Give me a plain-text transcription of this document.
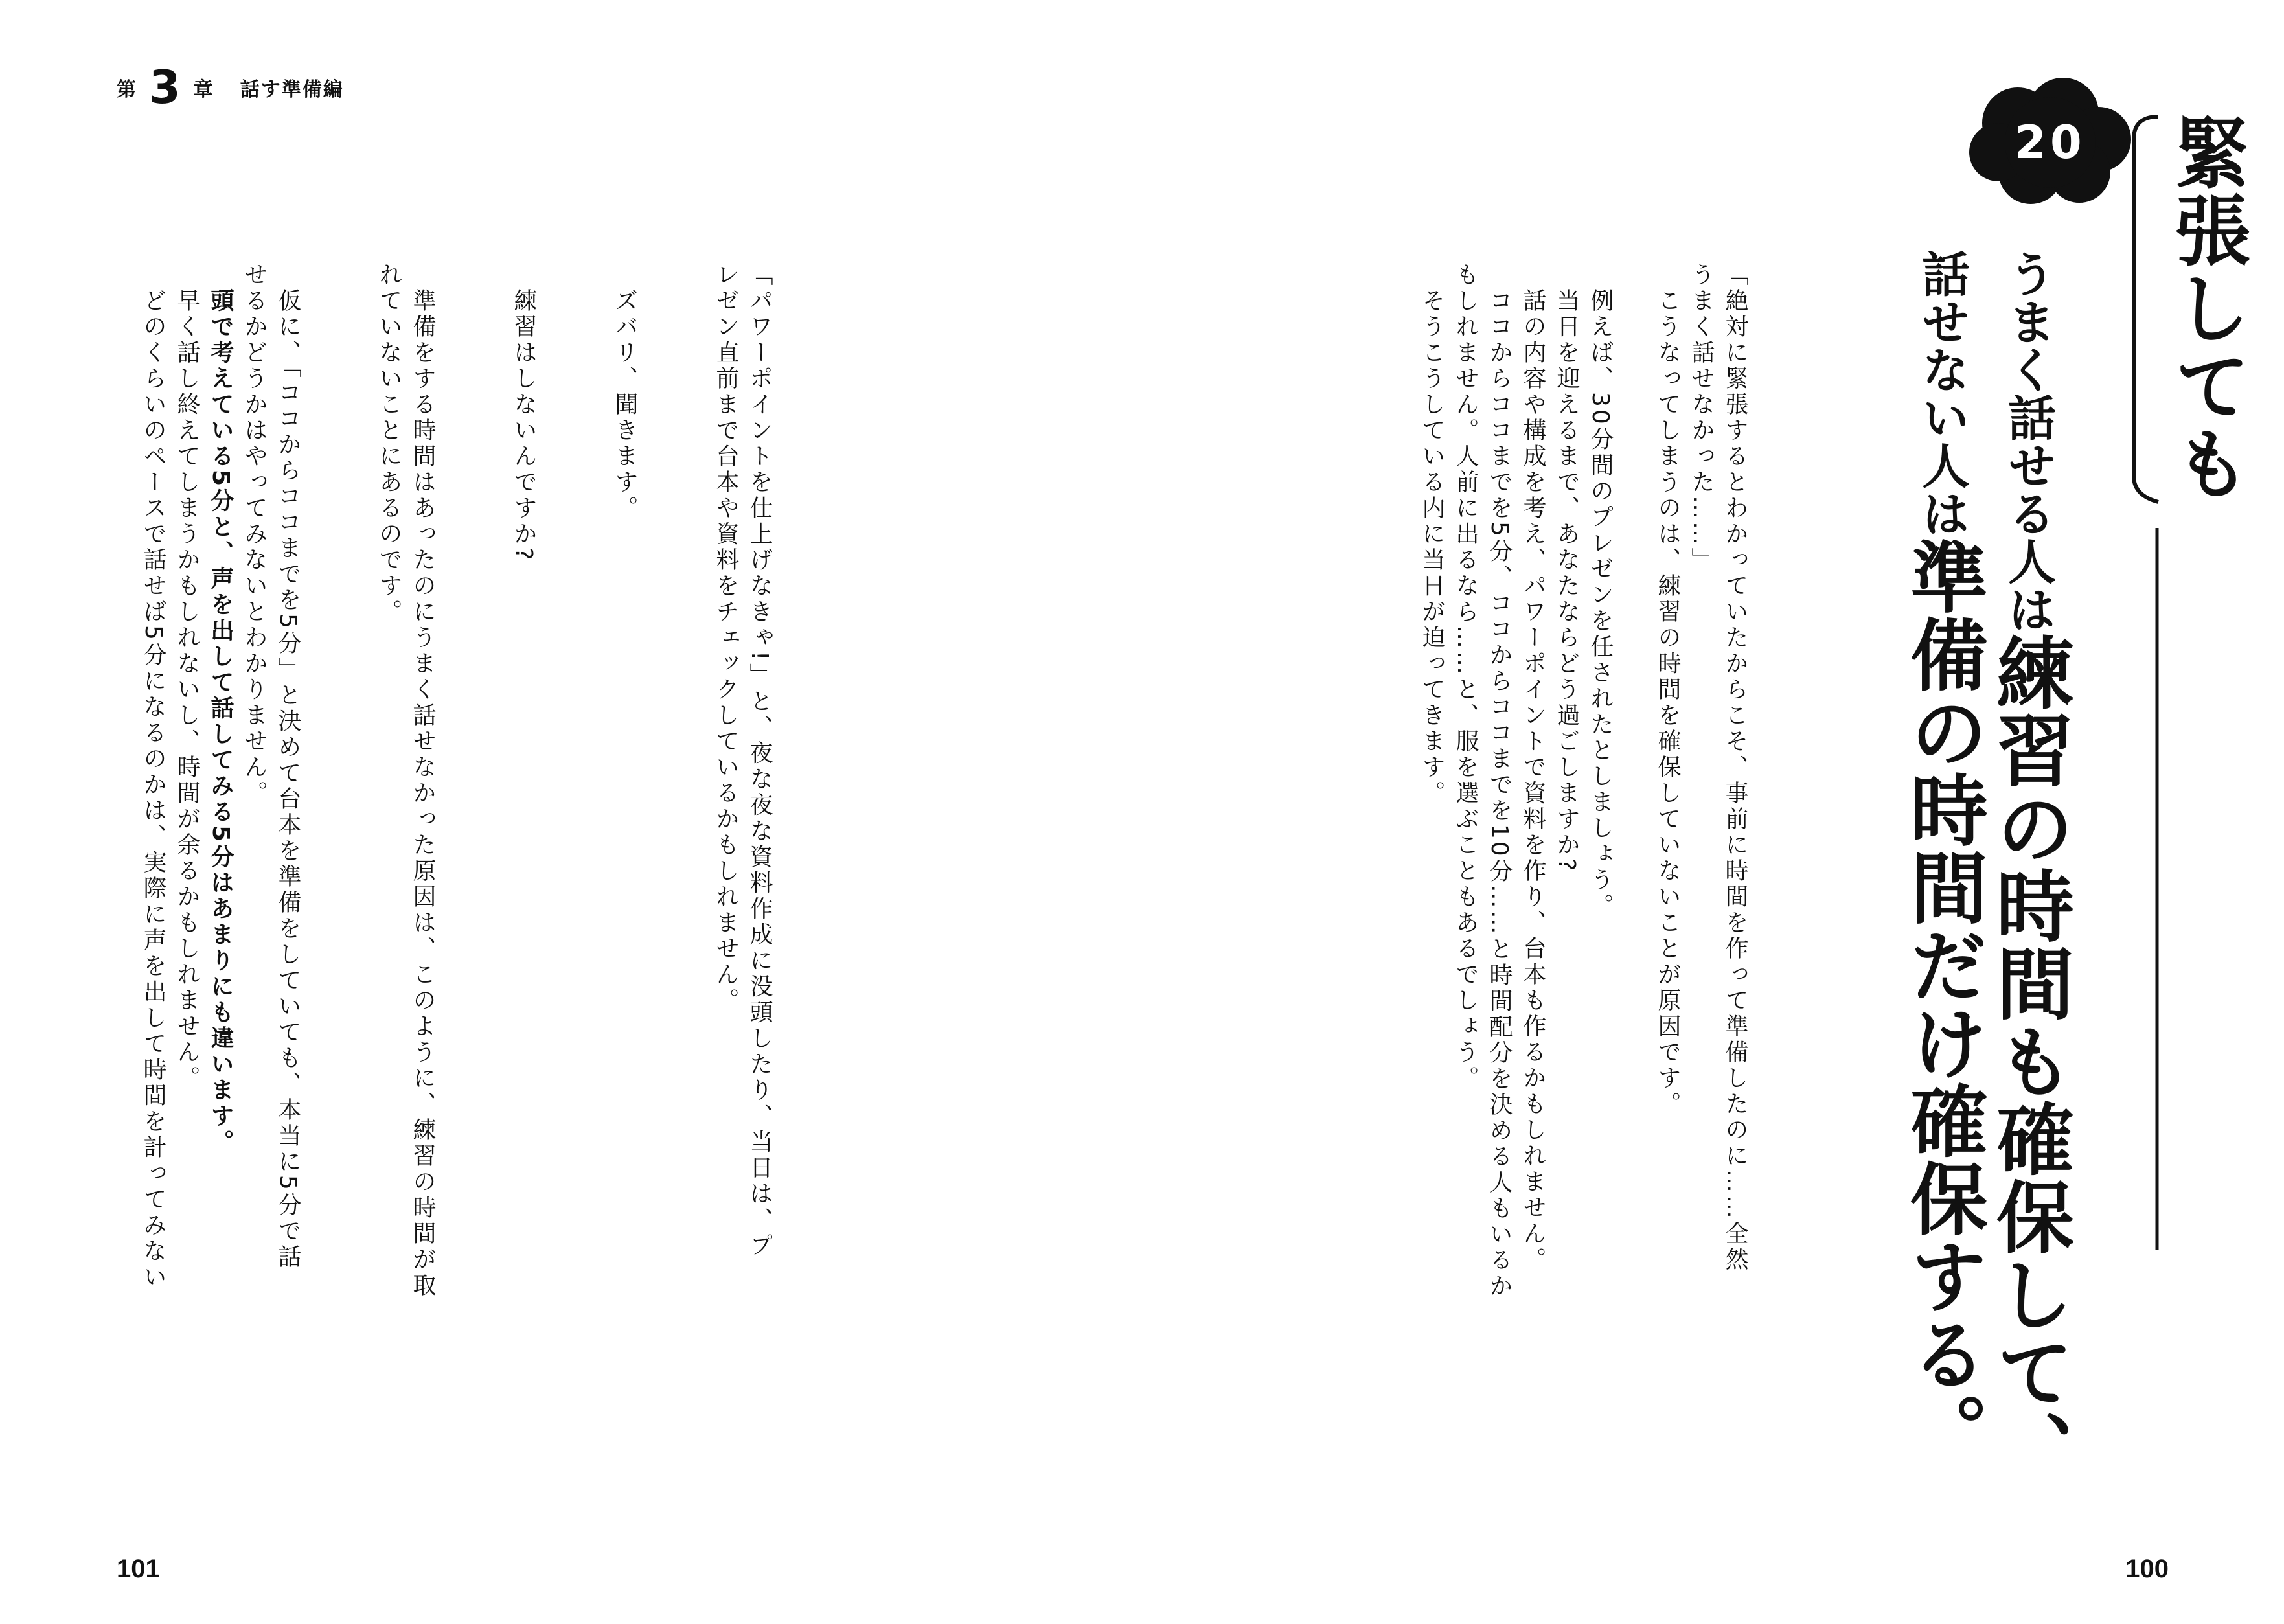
第 3 章 話す準備編
20 緊張しても
うまく話せる人は練習の時間も確保して、
話せない人は準備の時間だけ確保する。
「絶対に緊張するとわかっていたからこそ、事前に時間を作って準備したのに……全然
うまく話せなかった……」
　こうなってしまうのは、練習の時間を確保していないことが原因です。
　例えば、30分間のプレゼンを任されたとしましょう。
　当日を迎えるまで、あなたならどう過ごしますか?
　話の内容や構成を考え、パワーポイントで資料を作り、台本も作るかもしれません。
　ココからココまでを5分、ココからココまでを10分……と時間配分を決める人もいるか
もしれません。人前に出るなら……と、服を選ぶこともあるでしょう。
　そうこうしている内に当日が迫ってきます。
「パワーポイントを仕上げなきゃ!」と、夜な夜な資料作成に没頭したり、当日は、プ
レゼン直前まで台本や資料をチェックしているかもしれません。
　ズバリ、聞きます。
　練習はしないんですか?
　準備をする時間はあったのにうまく話せなかった原因は、このように、練習の時間が取
れていないことにあるのです。
　仮に、「ココからココまでを5分」と決めて台本を準備をしていても、本当に5分で話
せるかどうかはやってみないとわかりません。
　頭で考えている5分と、声を出して話してみる5分はあまりにも違います。
　早く話し終えてしまうかもしれないし、時間が余るかもしれません。
　どのくらいのペースで話せば5分になるのかは、実際に声を出して時間を計ってみない
101	100
